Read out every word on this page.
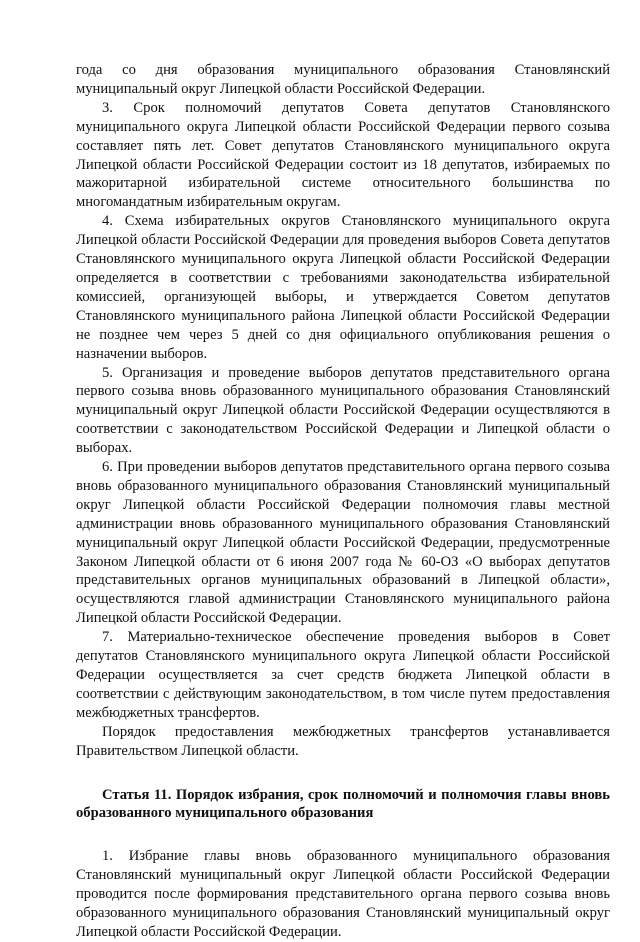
года со дня образования муниципального образования Становлянский муниципальный округ Липецкой области Российской Федерации.

3. Срок полномочий депутатов Совета депутатов Становлянского муниципального округа Липецкой области Российской Федерации первого созыва составляет пять лет. Совет депутатов Становлянского муниципального округа Липецкой области Российской Федерации состоит из 18 депутатов, избираемых по мажоритарной избирательной системе относительного большинства по многомандатным избирательным округам.

4. Схема избирательных округов Становлянского муниципального округа Липецкой области Российской Федерации для проведения выборов Совета депутатов Становлянского муниципального округа Липецкой области Российской Федерации определяется в соответствии с требованиями законодательства избирательной комиссией, организующей выборы, и утверждается Советом депутатов Становлянского муниципального района Липецкой области Российской Федерации не позднее чем через 5 дней со дня официального опубликования решения о назначении выборов.

5. Организация и проведение выборов депутатов представительного органа первого созыва вновь образованного муниципального образования Становлянский муниципальный округ Липецкой области Российской Федерации осуществляются в соответствии с законодательством Российской Федерации и Липецкой области о выборах.

6. При проведении выборов депутатов представительного органа первого созыва вновь образованного муниципального образования Становлянский муниципальный округ Липецкой области Российской Федерации полномочия главы местной администрации вновь образованного муниципального образования Становлянский муниципальный округ Липецкой области Российской Федерации, предусмотренные Законом Липецкой области от 6 июня 2007 года № 60-ОЗ «О выборах депутатов представительных органов муниципальных образований в Липецкой области», осуществляются главой администрации Становлянского муниципального района Липецкой области Российской Федерации.

7. Материально-техническое обеспечение проведения выборов в Совет депутатов Становлянского муниципального округа Липецкой области Российской Федерации осуществляется за счет средств бюджета Липецкой области в соответствии с действующим законодательством, в том числе путем предоставления межбюджетных трансфертов.

Порядок предоставления межбюджетных трансфертов устанавливается Правительством Липецкой области.

Статья 11. Порядок избрания, срок полномочий и полномочия главы вновь образованного муниципального образования

1. Избрание главы вновь образованного муниципального образования Становлянский муниципальный округ Липецкой области Российской Федерации проводится после формирования представительного органа первого созыва вновь образованного муниципального образования Становлянский муниципальный округ Липецкой области Российской Федерации.
